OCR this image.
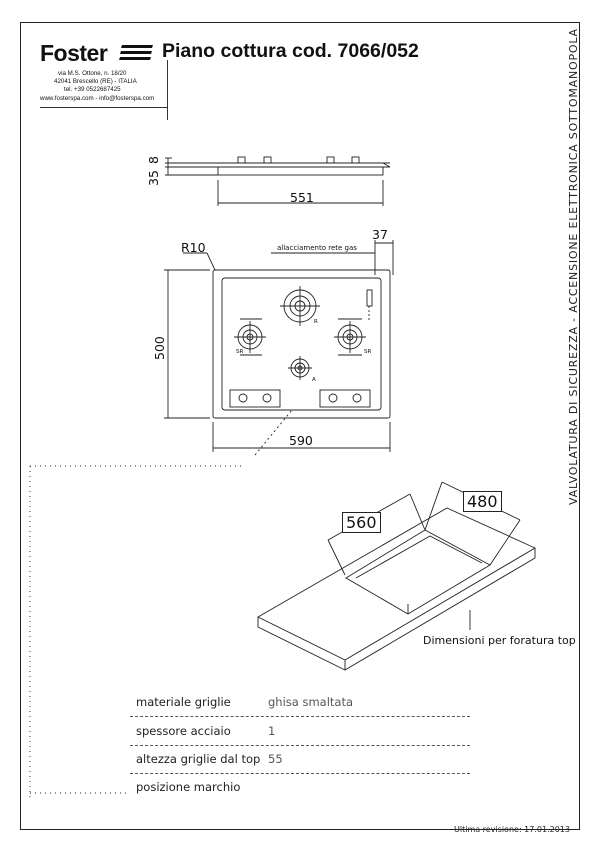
Foster	Piano cottura cod. 7066/052
via M.S. Ottone, n. 18/20
42041 Brescello (RE) - ITALIA
tel. +39 0522687425
www.fosterspa.com - info@fosterspa.com	VALVOLATURA DI SICUREZZA - ACCENSIONE ELETTRONICA SOTTOMANOPOLA
551
8
35
R10	allacciamento rete gas
37
500
590
R
SR	SR
A
560
480
Dimensioni per foratura top
materiale griglie	ghisa smaltata
spessore acciaio	1
altezza griglie dal top 55
posizione marchio
Ultima revisione: 17.01.2013
